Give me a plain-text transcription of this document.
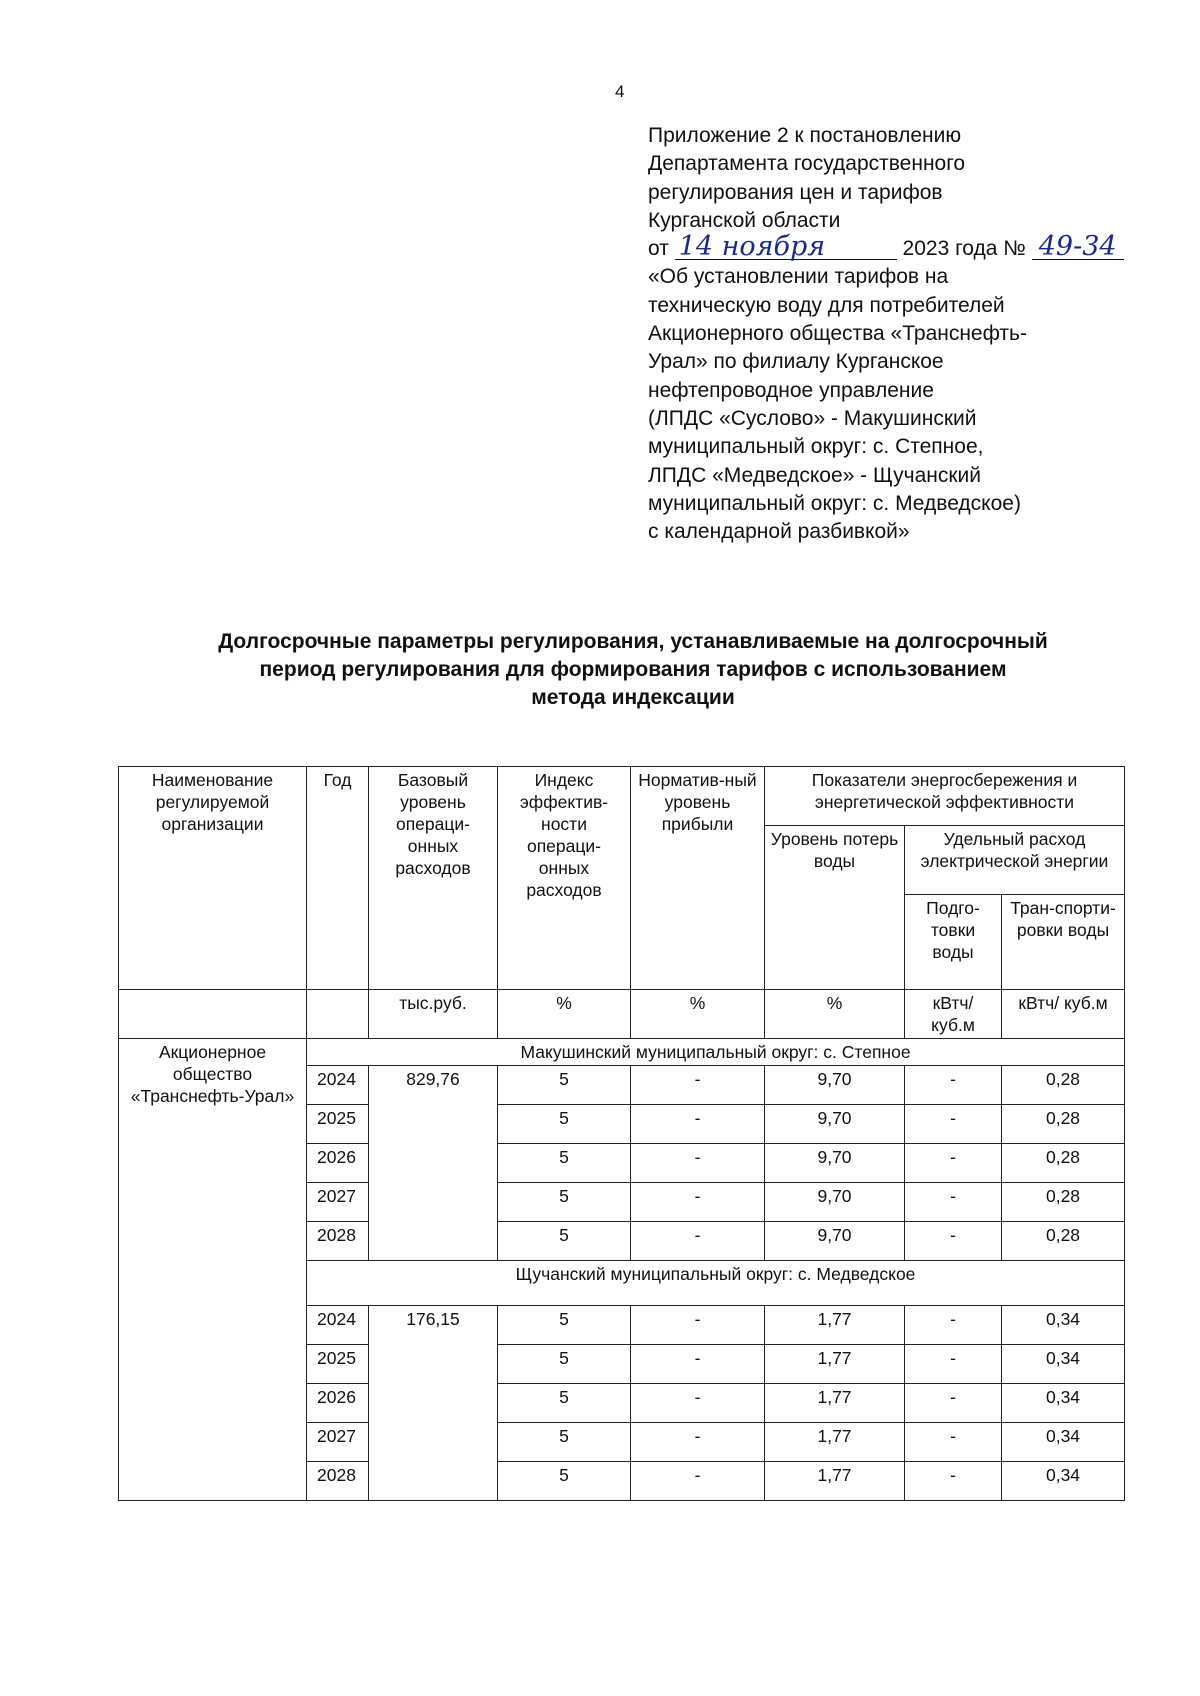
4
Приложение 2 к постановлению
Департамента государственного
регулирования цен и тарифов
Курганской области
от 14 ноября	2023 года № 49-34
«Об установлении тарифов на
техническую воду для потребителей
Акционерного общества «Транснефть-
Урал» по филиалу Курганское
нефтепроводное управление
(ЛПДС «Суслово» - Макушинский
муниципальный округ: с. Степное,
ЛПДС «Медведское» - Щучанский
муниципальный округ: с. Медведское)
с календарной разбивкой»
Долгосрочные параметры регулирования, устанавливаемые на долгосрочный
период регулирования для формирования тарифов с использованием
метода индексации
Наименование регулируемой организации	Год	Базовый уровень операци-онных расходов	Индекс эффектив-ности операци-онных расходов	Норматив-ный уровень прибыли	Показатели энергосбережения и энергетической эффективности		
					Уровень потерь воды	Удельный расход электрической энергии	
						Подго-товки воды	Тран-спорти-ровки воды
		тыс.руб.	%	%	%	кВтч/ куб.м	кВтч/ куб.м
Акционерное общество «Транснефть-Урал»	Макушинский муниципальный округ: с. Степное						
	2024	829,76	5	-	9,70	-	0,28
	2025		5	-	9,70	-	0,28
	2026		5	-	9,70	-	0,28
	2027		5	-	9,70	-	0,28
	2028		5	-	9,70	-	0,28
	Щучанский муниципальный округ: с. Медведское						
	2024	176,15	5	-	1,77	-	0,34
	2025		5	-	1,77	-	0,34
	2026		5	-	1,77	-	0,34
	2027		5	-	1,77	-	0,34
	2028		5	-	1,77	-	0,34
